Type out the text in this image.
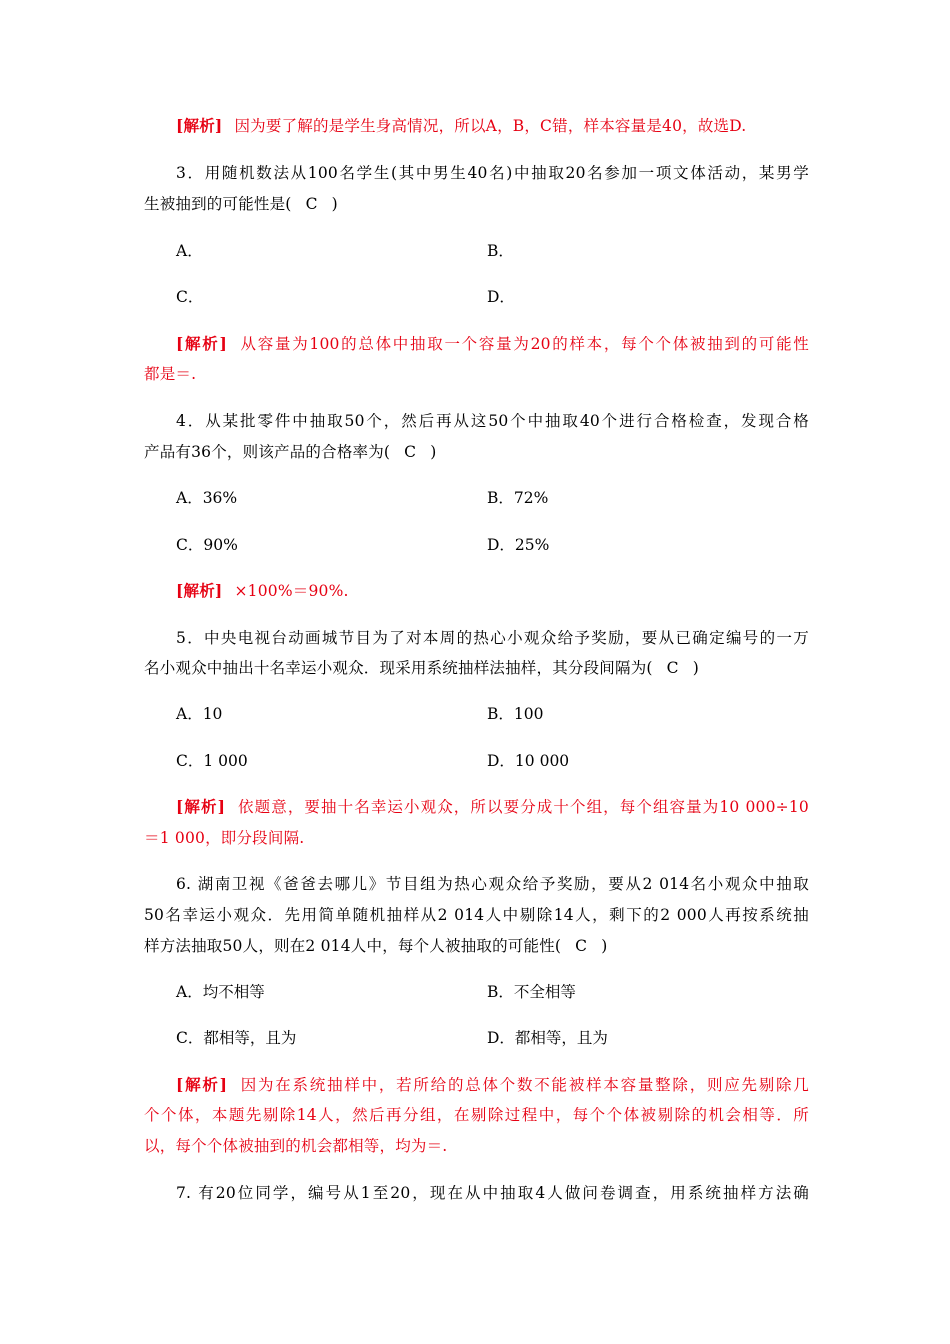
[解析] 因为要了解的是学生身高情况，所以A，B，C错，样本容量是40，故选D.
3．用随机数法从100名学生(其中男生40名)中抽取20名参加一项文体活动，某男学
生被抽到的可能性是( C )
A．	B．
C．	D．
[解析] 从容量为100的总体中抽取一个容量为20的样本，每个个体被抽到的可能性
都是＝.
4．从某批零件中抽取50个，然后再从这50个中抽取40个进行合格检查，发现合格
产品有36个，则该产品的合格率为( C )
A．36%	B．72%
C．90%	D．25%
[解析] ×100%＝90%.
5．中央电视台动画城节目为了对本周的热心小观众给予奖励，要从已确定编号的一万
名小观众中抽出十名幸运小观众．现采用系统抽样法抽样，其分段间隔为( C )
A．10	B．100
C．1 000	D．10 000
[解析] 依题意，要抽十名幸运小观众，所以要分成十个组，每个组容量为10 000÷10
＝1 000，即分段间隔.
6. 湖南卫视《爸爸去哪儿》节目组为热心观众给予奖励，要从2 014名小观众中抽取
50名幸运小观众．先用简单随机抽样从2 014人中剔除14人，剩下的2 000人再按系统抽
样方法抽取50人，则在2 014人中，每个人被抽取的可能性( C )
A．均不相等	B．不全相等
C．都相等，且为	D．都相等，且为
[解析] 因为在系统抽样中，若所给的总体个数不能被样本容量整除，则应先剔除几
个个体，本题先剔除14人，然后再分组，在剔除过程中，每个个体被剔除的机会相等．所
以，每个个体被抽到的机会都相等，均为＝.
7. 有20位同学，编号从1至20，现在从中抽取4人做问卷调查，用系统抽样方法确
